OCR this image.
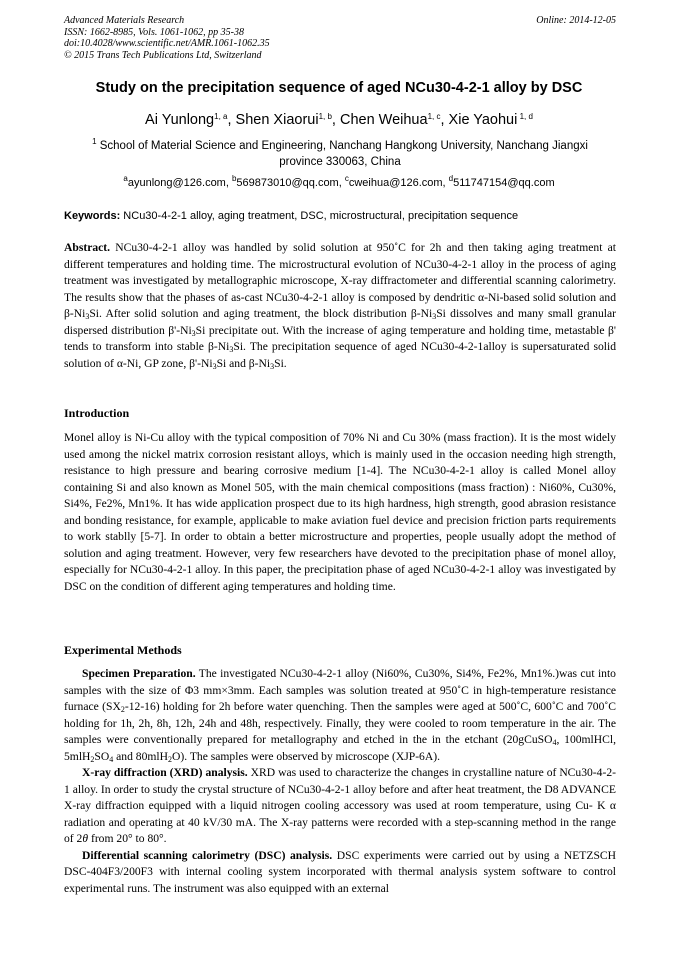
Advanced Materials Research
ISSN: 1662-8985, Vols. 1061-1062, pp 35-38
doi:10.4028/www.scientific.net/AMR.1061-1062.35
© 2015 Trans Tech Publications Ltd, Switzerland
Online: 2014-12-05
Study on the precipitation sequence of aged NCu30-4-2-1 alloy by DSC
Ai Yunlong$^{1, a}$, Shen Xiaorui$^{1, b}$, Chen Weihua$^{1, c}$, Xie Yaohui $^{1, d}$
$^1$ School of Material Science and Engineering, Nanchang Hangkong University, Nanchang Jiangxi province 330063, China
$^a$ayunlong@126.com, $^b$569873010@qq.com, $^c$cweihua@126.com, $^d$511747154@qq.com
Keywords: NCu30-4-2-1 alloy, aging treatment, DSC, microstructural, precipitation sequence

Abstract. NCu30-4-2-1 alloy was handled by solid solution at 950˚C for 2h and then taking aging treatment at different temperatures and holding time. The microstructural evolution of NCu30-4-2-1 alloy in the process of aging treatment was investigated by metallographic microscope, X-ray diffractometer and differential scanning calorimetry. The results show that the phases of as-cast NCu30-4-2-1 alloy is composed by dendritic α-Ni-based solid solution and $\beta-Ni_3Si$. After solid solution and aging treatment, the block distribution $\beta-Ni_3Si$ dissolves and many small granular dispersed distribution $\beta'-Ni_3Si$ precipitate out. With the increase of aging temperature and holding time, metastable β' tends to transform into stable $\beta-Ni_3Si$. The precipitation sequence of aged NCu30-4-2-1alloy is supersaturated solid solution of α-Ni, GP zone, $\beta'-Ni_3Si$ and $\beta-Ni_3Si$.

Introduction

Monel alloy is Ni-Cu alloy with the typical composition of 70% Ni and Cu 30% (mass fraction). It is the most widely used among the nickel matrix corrosion resistant alloys, which is mainly used in the occasion needing high strength, resistance to high pressure and bearing corrosive medium [1-4]. The NCu30-4-2-1 alloy is called Monel alloy containing Si and also known as Monel 505, with the main chemical compositions (mass fraction) : Ni60%, Cu30%, Si4%, Fe2%, Mn1%. It has wide application prospect due to its high hardness, high strength, good abrasion resistance and bonding resistance, for example, applicable to make aviation fuel device and precision friction parts requirements to work stablly [5-7]. In order to obtain a better microstructure and properties, people usually adopt the method of solution and aging treatment. However, very few researchers have devoted to the precipitation phase of monel alloy, especially for NCu30-4-2-1 alloy. In this paper, the precipitation phase of aged NCu30-4-2-1 alloy was investigated by DSC on the condition of different aging temperatures and holding time.

Experimental Methods

Specimen Preparation. The investigated NCu30-4-2-1 alloy (Ni60%, Cu30%, Si4%, Fe2%, Mn1%.)was cut into samples with the size of Φ3 mm×3mm. Each samples was solution treated at 950˚C in high-temperature resistance furnace $(SX_2-12-16)$ holding for 2h before water quenching. Then the samples were aged at 500˚C, 600˚C and 700˚C holding for 1h, 2h, 8h, 12h, 24h and 48h, respectively. Finally, they were cooled to room temperature in the air. The samples were conventionally prepared for metallography and etched in the in the etchant (20gCuSO$_4$, 100mlHCl, $5mlH_2SO_4$ and 80mlH$_2$O). The samples were observed by microscope (XJP-6A).

X-ray diffraction (XRD) analysis. XRD was used to characterize the changes in crystalline nature of NCu30-4-2-1 alloy. In order to study the crystal structure of NCu30-4-2-1 alloy before and after heat treatment, the D8 ADVANCE X-ray diffraction equipped with a liquid nitrogen cooling accessory was used at room temperature, using Cu- K α radiation and operating at 40 kV/30 mA. The X-ray patterns were recorded with a step-scanning method in the range of 2θ from 20° to 80°.

Differential scanning calorimetry (DSC) analysis. DSC experiments were carried out by using a NETZSCH DSC-404F3/200F3 with internal cooling system incorporated with thermal analysis system software to control experimental runs. The instrument was also equipped with an external
